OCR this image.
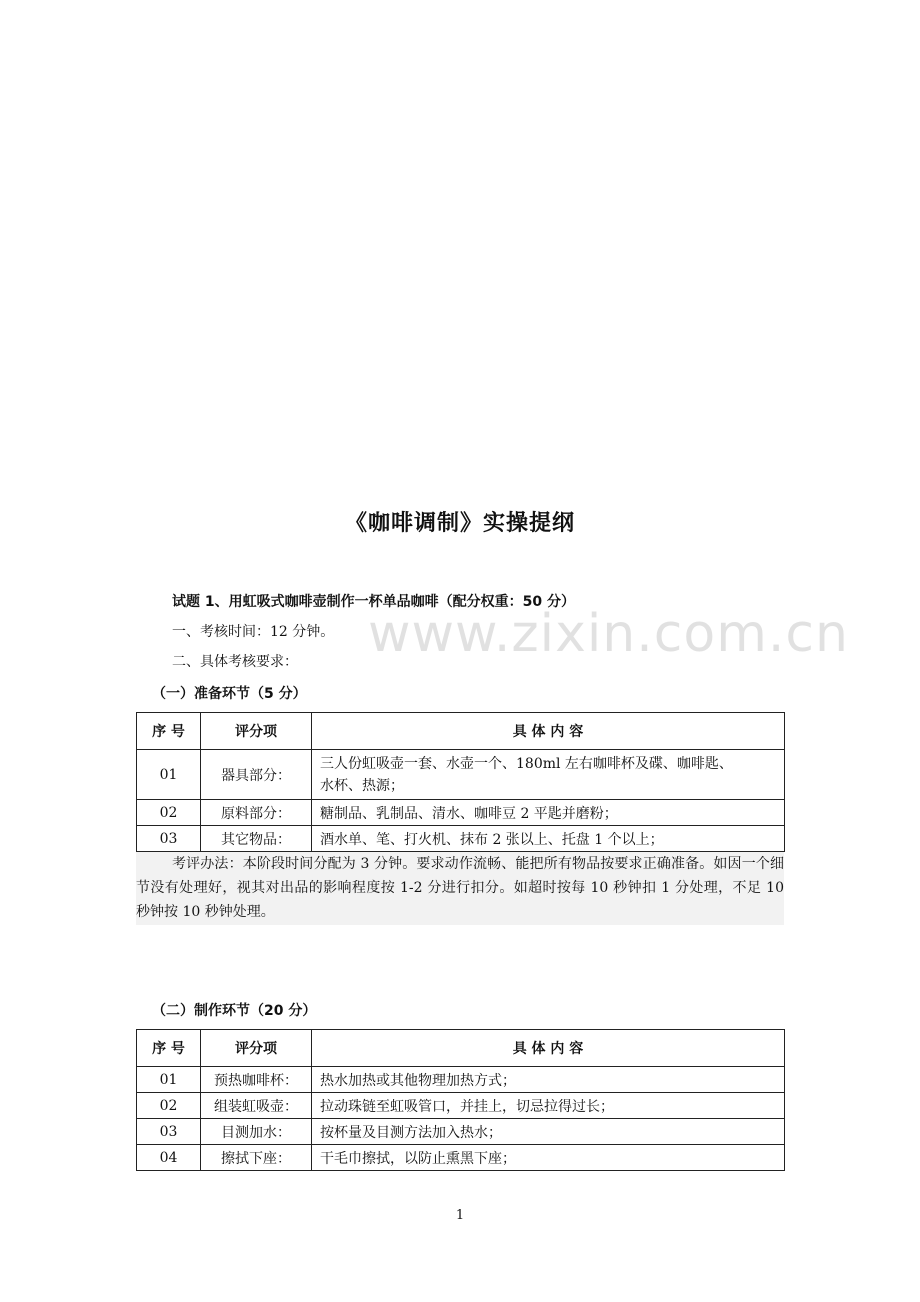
www.zixin.com.cn
《咖啡调制》实操提纲
试题 1、用虹吸式咖啡壶制作一杯单品咖啡（配分权重：50 分）
一、考核时间：12 分钟。
二、具体考核要求：
（一）准备环节（5 分）
序 号	评分项	具 体 内 容
01	器具部分：	三人份虹吸壶一套、水壶一个、180ml 左右咖啡杯及碟、咖啡匙、水杯、热源；
02	原料部分：	糖制品、乳制品、清水、咖啡豆 2 平匙并磨粉；
03	其它物品：	酒水单、笔、打火机、抹布 2 张以上、托盘 1 个以上；
考评办法：本阶段时间分配为 3 分钟。要求动作流畅、能把所有物品按要求正确准备。如因一个细节没有处理好，视其对出品的影响程度按 1-2 分进行扣分。如超时按每 10 秒钟扣 1 分处理，不足 10 秒钟按 10 秒钟处理。
（二）制作环节（20 分）
序 号	评分项	具 体 内 容
01	预热咖啡杯：	热水加热或其他物理加热方式；
02	组装虹吸壶：	拉动珠链至虹吸管口，并挂上，切忌拉得过长；
03	目测加水：	按杯量及目测方法加入热水；
04	擦拭下座：	干毛巾擦拭，以防止熏黑下座；
1
